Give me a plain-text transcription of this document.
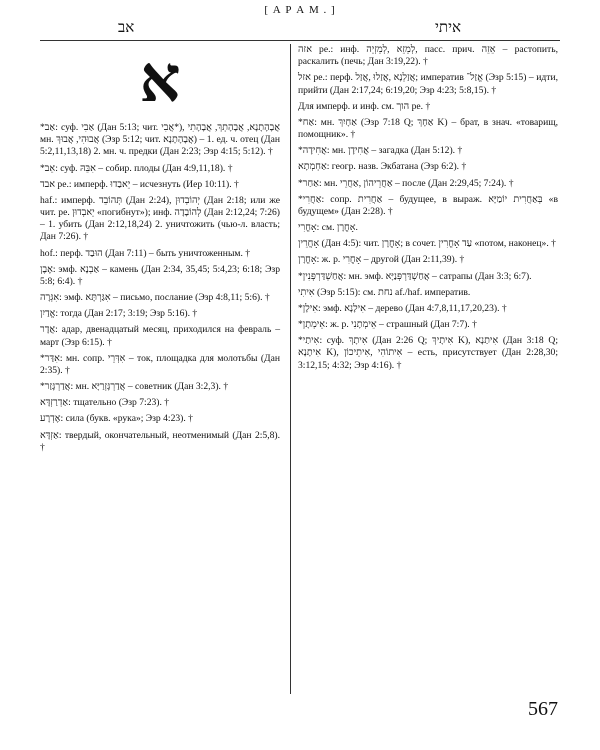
[ А Р А М . ]
אב	איתי
א

*אַב: суф. אַבִי (Дан 5:13; чит. אֲבִי*), אֲבָהָתָנָא, אֲבָהָתְךְ, אֲבָהָתִי мн. אֲבוּהִי, אֲבוּךְ (Эзр 5:12; чит. אֲבָהָתָנָא) – 1. ед. ч. отец (Дан 5:2,11,13,18) 2. мн. ч. предки (Дан 2:23; Эзр 4:15; 5:12). †

*אֵב: суф. אִבֵּהּ – собир. плоды (Дан 4:9,11,18). †

אבד ре.: имперф. יֵאבַדוּ – исчезнуть (Иер 10:11). †

haf.: имперф. תְּהוֹבֵד (Дан 2:24), יְהוֹבְדוּן (Дан 2:18; или же чит. ре. יֵאבְדוּן «погибнут»); инф. לְהוֹבָדָה (Дан 2:12,24; 7:26) – 1. убить (Дан 2:12,18,24) 2. уничтожить (чью-л. власть; Дан 7:26). †

hof.: перф. הוּבַד (Дан 7:11) – быть уничтоженным. †

אֶבֶן: эмф. אַבְנָא – камень (Дан 2:34, 35,45; 5:4,23; 6:18; Эзр 5:8; 6:4). †

אִגְּרָה: эмф. אִגַּרְתָּא – письмо, послание (Эзр 4:8,11; 5:6). †

אֱדַיִן: тогда (Дан 2:17; 3:19; Эзр 5:16). †

אֲדָר: адар, двенадцатый месяц, приходился на февраль – март (Эзр 6:15). †

*אִדַּר: мн. сопр. אִדְּרֵי – ток, площадка для молотьбы (Дан 2:35). †

*אֲדַרְגָּזַר: мн. אֲדַרְגָּזְרַיָּא – советник (Дан 3:2,3). †

אַדְרַזְדָּא: тщательно (Эзр 7:23). †

אֶדְרָע: сила (букв. «рука»; Эзр 4:23). †

אַזְדָּא: твердый, окончательный, неотменимый (Дан 2:5,8). †

אזה ре.: инф. לְמֵזֵא ,לְמֵזְיֵה, пасс. прич. אֵזֵה – растопить, раскалить (печь; Дан 3:19,22). †

אזל ре.: перф. אֲזַלְנָא ,אֲזַלוּ ,אֲזַל; императив אֱזַל־ (Эзр 5:15) – идти, прийти (Дан 2:17,24; 6:19,20; Эзр 4:23; 5:8,15). †

Для имперф. и инф. см. הוך ре. †

*אַח: мн. אַחָיִךְ (Эзр 7:18 Q; אַחָךְ K) – брат, в знач. «товарищ, помощник». †

*אֲחִידָה: мн. אֲחִידָן – загадка (Дан 5:12). †

אַחְמְתָא: геогр. назв. Экбатана (Эзр 6:2). †

*אַחַר: мн. אַחֲרֵיהוֹן ,אַחֲרֵי – после (Дан 2:29,45; 7:24). †

*אַחֲרִי: сопр. אַחֲרִית – будущее, в выраж. בְּאַחֲרִית יוֹמַיָּא «в будущем» (Дан 2:28). †

אָחֳרִי: см. אָחֳרָן.

אָחֳרֵין (Дан 4:5): чит. אָחֳרָן; в сочет. עַד אָחֳרִין «потом, наконец». †

אָחֳרָן: ж. р. אָחֳרִי – другой (Дан 2:11,39). †

*אֲחַשְׁדַּרְפְּנִין: мн. эмф. אֲחַשְׁדַּרְפְּנַיָּא – сатрапы (Дан 3:3; 6:7).

אִיתִי (Эзр 5:15): см. נחת af./haf. императив.

*אִילָן: эмф. אִילָנָא – дерево (Дан 4:7,8,11,17,20,23). †

*אֵימְתָן: ж. р. אֵימְתָנִי – страшный (Дан 7:7). †

*אִיתַי: суф. אִיתָךְ (Дан 2:26 Q; אִיתָיךְ K), אִיתַנָא (Дан 3:18 Q; אִיתָנָא K), אִיתוֹהִי ,אִיתֵיכוֹן – есть, присутствует (Дан 2:28,30; 3:12,15; 4:32; Эзр 4:16). †

567
